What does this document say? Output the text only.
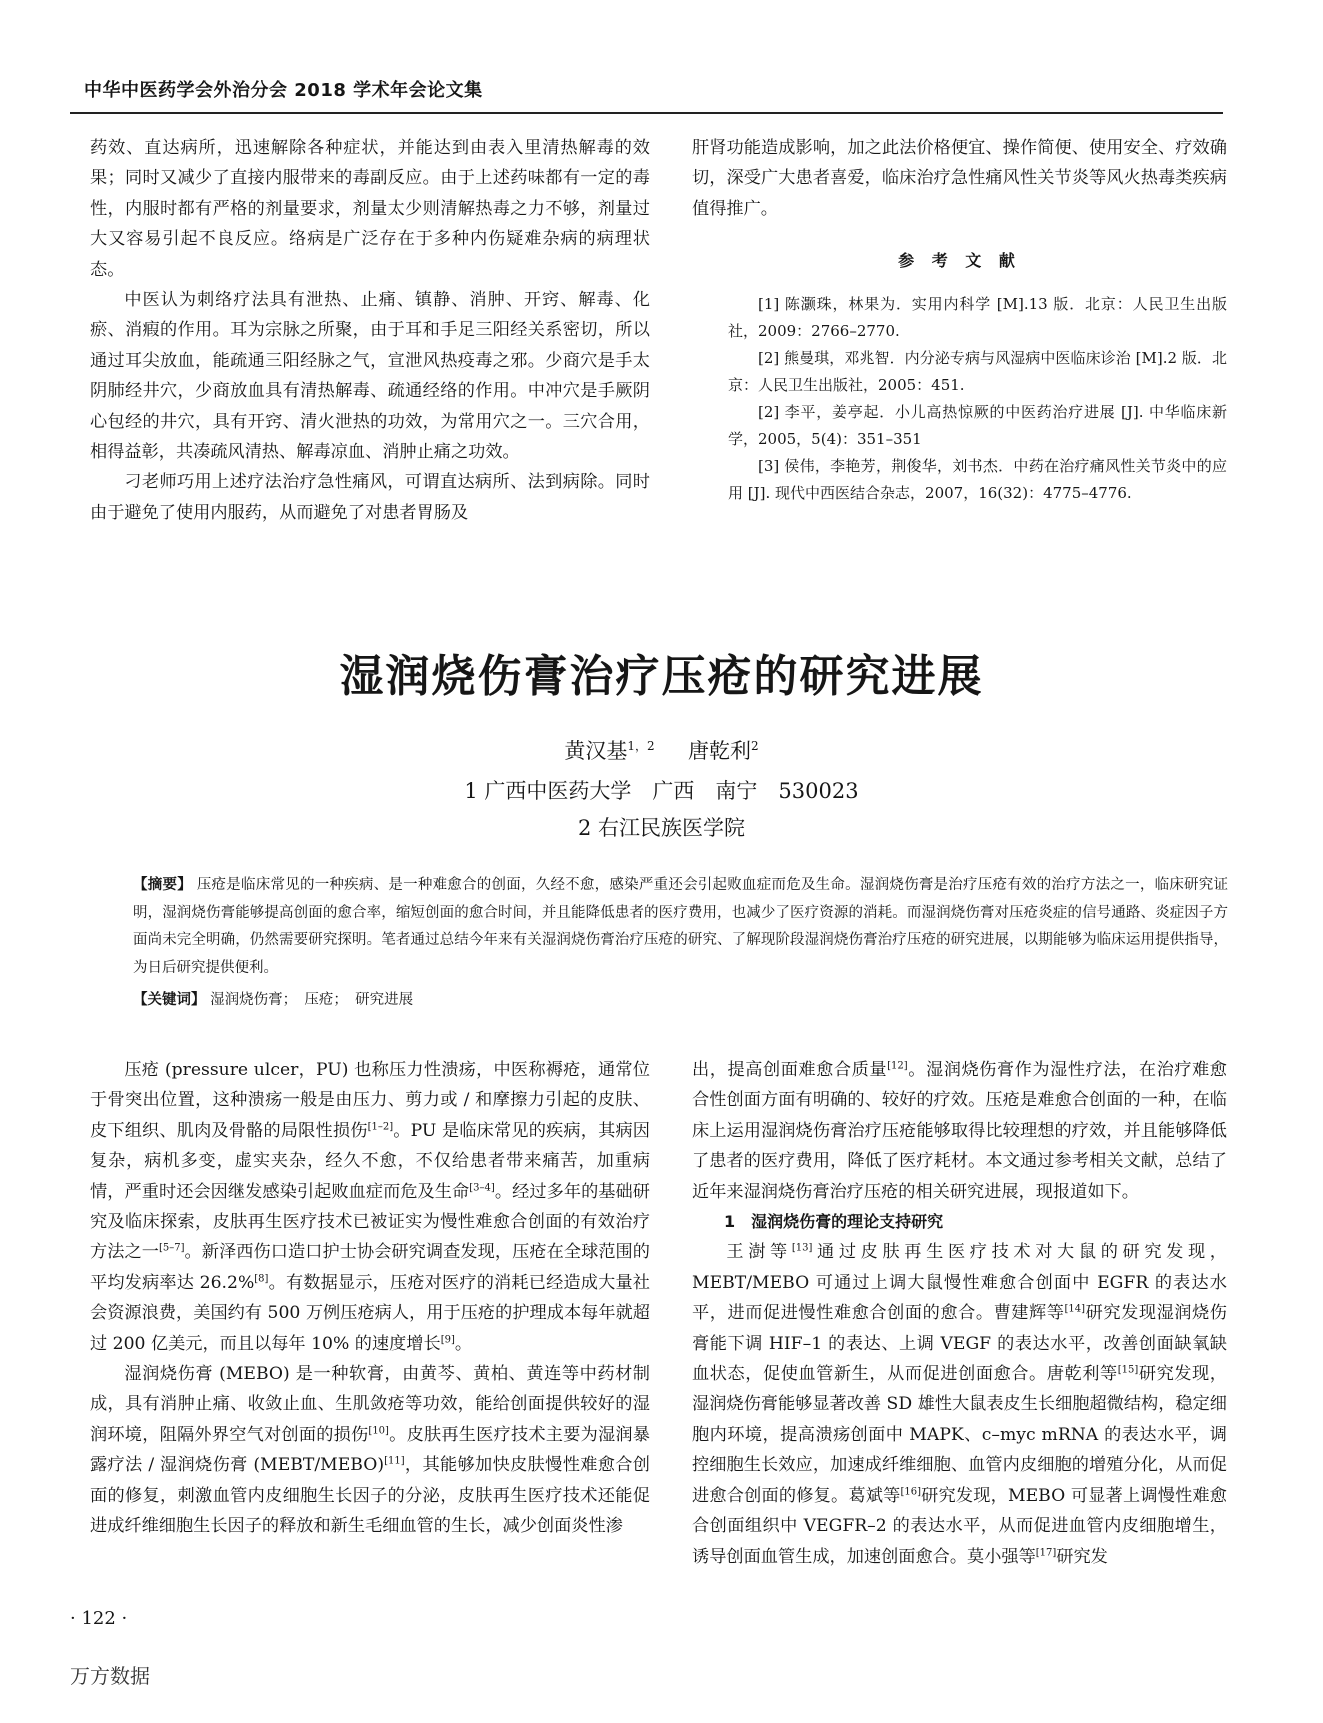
中华中医药学会外治分会 2018 学术年会论文集

药效、直达病所，迅速解除各种症状，并能达到由表入里清热解毒的效果；同时又减少了直接内服带来的毒副反应。由于上述药味都有一定的毒性，内服时都有严格的剂量要求，剂量太少则清解热毒之力不够，剂量过大又容易引起不良反应。络病是广泛存在于多种内伤疑难杂病的病理状态。

中医认为刺络疗法具有泄热、止痛、镇静、消肿、开窍、解毒、化瘀、消瘕的作用。耳为宗脉之所聚，由于耳和手足三阳经关系密切，所以通过耳尖放血，能疏通三阳经脉之气，宣泄风热疫毒之邪。少商穴是手太阴肺经井穴，少商放血具有清热解毒、疏通经络的作用。中冲穴是手厥阴心包经的井穴，具有开窍、清火泄热的功效，为常用穴之一。三穴合用，相得益彰，共凑疏风清热、解毒凉血、消肿止痛之功效。

刁老师巧用上述疗法治疗急性痛风，可谓直达病所、法到病除。同时由于避免了使用内服药，从而避免了对患者胃肠及

肝肾功能造成影响，加之此法价格便宜、操作简便、使用安全、疗效确切，深受广大患者喜爱，临床治疗急性痛风性关节炎等风火热毒类疾病值得推广。

参 考 文 献

[1] 陈灏珠，林果为．实用内科学 [M].13 版．北京：人民卫生出版社，2009：2766–2770.

[2] 熊曼琪，邓兆智．内分泌专病与风湿病中医临床诊治 [M].2 版．北京：人民卫生出版社，2005：451.

[2] 李平，姜亭起．小儿高热惊厥的中医药治疗进展 [J]. 中华临床新学，2005，5(4)：351–351

[3] 侯伟，李艳芳，荆俊华，刘书杰．中药在治疗痛风性关节炎中的应用 [J]. 现代中西医结合杂志，2007，16(32)：4775–4776.

湿润烧伤膏治疗压疮的研究进展
黄汉基$^{1,2}$ 唐乾利$^2$
1 广西中医药大学　广西　南宁　530023
2 右江民族医学院
【摘要】 压疮是临床常见的一种疾病、是一种难愈合的创面，久经不愈，感染严重还会引起败血症而危及生命。湿润烧伤膏是治疗压疮有效的治疗方法之一，临床研究证明，湿润烧伤膏能够提高创面的愈合率，缩短创面的愈合时间，并且能降低患者的医疗费用，也减少了医疗资源的消耗。而湿润烧伤膏对压疮炎症的信号通路、炎症因子方面尚未完全明确，仍然需要研究探明。笔者通过总结今年来有关湿润烧伤膏治疗压疮的研究、了解现阶段湿润烧伤膏治疗压疮的研究进展，以期能够为临床运用提供指导，为日后研究提供便利。
【关键词】 湿润烧伤膏；　压疮；　研究进展

压疮 (pressure ulcer，PU) 也称压力性溃疡，中医称褥疮，通常位于骨突出位置，这种溃疡一般是由压力、剪力或 / 和摩擦力引起的皮肤、皮下组织、肌肉及骨骼的局限性损伤[1–2]。PU 是临床常见的疾病，其病因复杂，病机多变，虚实夹杂，经久不愈，不仅给患者带来痛苦，加重病情，严重时还会因继发感染引起败血症而危及生命[3–4]。经过多年的基础研究及临床探索，皮肤再生医疗技术已被证实为慢性难愈合创面的有效治疗方法之一[5–7]。新泽西伤口造口护士协会研究调查发现，压疮在全球范围的平均发病率达 26.2%[8]。有数据显示，压疮对医疗的消耗已经造成大量社会资源浪费，美国约有 500 万例压疮病人，用于压疮的护理成本每年就超过 200 亿美元，而且以每年 10% 的速度增长[9]。

湿润烧伤膏 (MEBO) 是一种软膏，由黄芩、黄柏、黄连等中药材制成，具有消肿止痛、收敛止血、生肌敛疮等功效，能给创面提供较好的湿润环境，阻隔外界空气对创面的损伤[10]。皮肤再生医疗技术主要为湿润暴露疗法 / 湿润烧伤膏 (MEBT/MEBO)[11]，其能够加快皮肤慢性难愈合创面的修复，刺激血管内皮细胞生长因子的分泌，皮肤再生医疗技术还能促进成纤维细胞生长因子的释放和新生毛细血管的生长，减少创面炎性渗

出，提高创面难愈合质量[12]。湿润烧伤膏作为湿性疗法，在治疗难愈合性创面方面有明确的、较好的疗效。压疮是难愈合创面的一种，在临床上运用湿润烧伤膏治疗压疮能够取得比较理想的疗效，并且能够降低了患者的医疗费用，降低了医疗耗材。本文通过参考相关文献，总结了近年来湿润烧伤膏治疗压疮的相关研究进展，现报道如下。

1　湿润烧伤膏的理论支持研究

王澍等[13]通过皮肤再生医疗技术对大鼠的研究发现，MEBT/MEBO 可通过上调大鼠慢性难愈合创面中 EGFR 的表达水平，进而促进慢性难愈合创面的愈合。曹建辉等[14]研究发现湿润烧伤膏能下调 HIF–1 的表达、上调 VEGF 的表达水平，改善创面缺氧缺血状态，促使血管新生，从而促进创面愈合。唐乾利等[15]研究发现，湿润烧伤膏能够显著改善 SD 雄性大鼠表皮生长细胞超微结构，稳定细胞内环境，提高溃疡创面中 MAPK、c–myc mRNA 的表达水平，调控细胞生长效应，加速成纤维细胞、血管内皮细胞的增殖分化，从而促进愈合创面的修复。葛斌等[16]研究发现，MEBO 可显著上调慢性难愈合创面组织中 VEGFR–2 的表达水平，从而促进血管内皮细胞增生，诱导创面血管生成，加速创面愈合。莫小强等[17]研究发

· 122 ·
万方数据
